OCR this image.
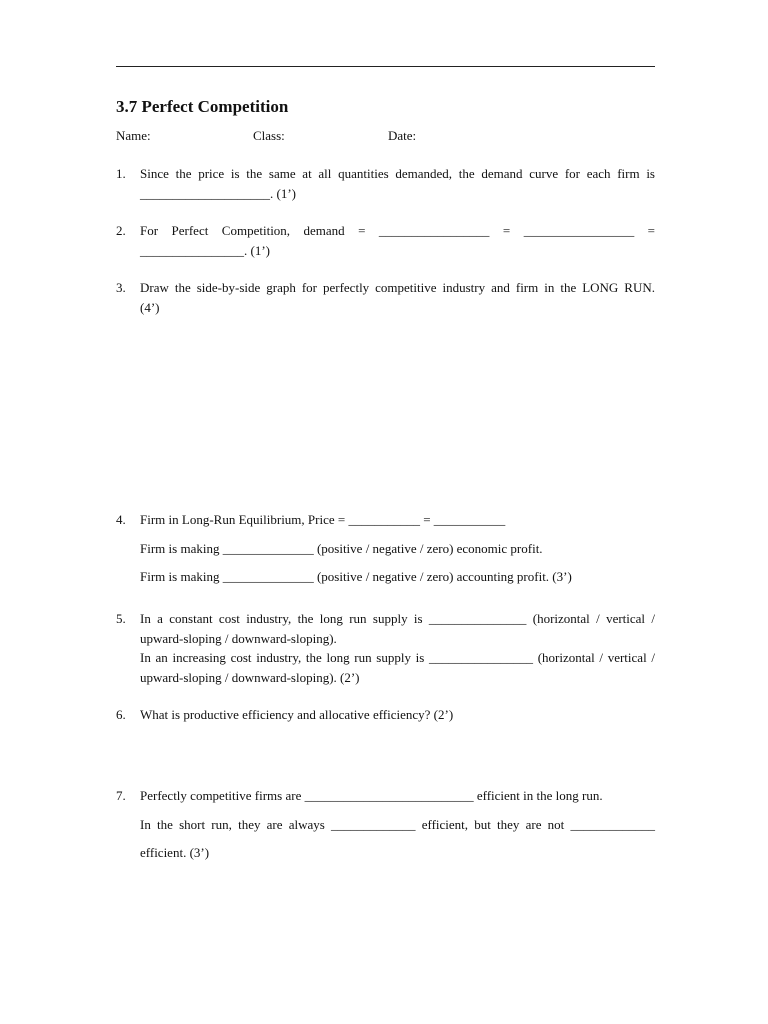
3.7 Perfect Competition
Name:	Class:	Date:
1. Since the price is the same at all quantities demanded, the demand curve for each firm is
____________________. (1’)
2. For Perfect Competition, demand = _________________ = _________________ =
________________. (1’)
3. Draw the side-by-side graph for perfectly competitive industry and firm in the LONG RUN.
(4’)
4. Firm in Long-Run Equilibrium, Price = ___________ = ___________
Firm is making ______________ (positive / negative / zero) economic profit.
Firm is making ______________ (positive / negative / zero) accounting profit. (3’)
5. In a constant cost industry, the long run supply is _______________ (horizontal / vertical /
upward-sloping / downward-sloping).
In an increasing cost industry, the long run supply is ________________ (horizontal / vertical /
upward-sloping / downward-sloping). (2’)
6. What is productive efficiency and allocative efficiency? (2’)
7. Perfectly competitive firms are __________________________ efficient in the long run.
In the short run, they are always _____________ efficient, but they are not _____________
efficient. (3’)
